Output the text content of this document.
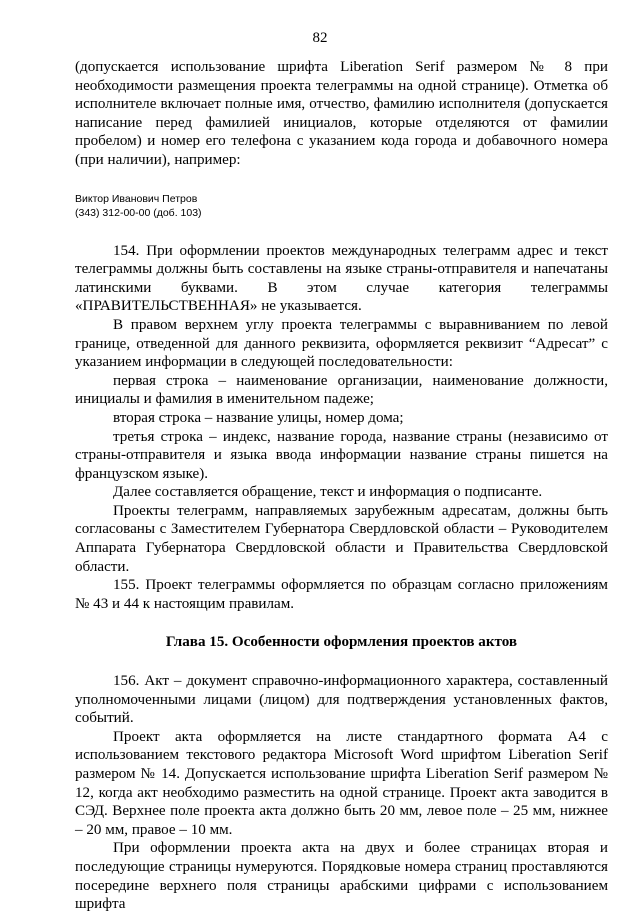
82

(допускается использование шрифта Liberation Serif размером № 8 при необходимости размещения проекта телеграммы на одной странице). Отметка об исполнителе включает полные имя, отчество, фамилию исполнителя (допускается написание перед фамилией инициалов, которые отделяются от фамилии пробелом) и номер его телефона с указанием кода города и добавочного номера (при наличии), например:

Виктор Иванович Петров
(343) 312-00-00 (доб. 103)

154. При оформлении проектов международных телеграмм адрес и текст телеграммы должны быть составлены на языке страны-отправителя и напечатаны латинскими буквами. В этом случае категория телеграммы «ПРАВИТЕЛЬСТВЕННАЯ» не указывается.

В правом верхнем углу проекта телеграммы с выравниванием по левой границе, отведенной для данного реквизита, оформляется реквизит “Адресат” с указанием информации в следующей последовательности:

первая строка – наименование организации, наименование должности, инициалы и фамилия в именительном падеже;

вторая строка – название улицы, номер дома;

третья строка – индекс, название города, название страны (независимо от страны-отправителя и языка ввода информации название страны пишется на французском языке).

Далее составляется обращение, текст и информация о подписанте.

Проекты телеграмм, направляемых зарубежным адресатам, должны быть согласованы с Заместителем Губернатора Свердловской области – Руководителем Аппарата Губернатора Свердловской области и Правительства Свердловской области.

155. Проект телеграммы оформляется по образцам согласно приложениям № 43 и 44 к настоящим правилам.

Глава 15. Особенности оформления проектов актов

156. Акт – документ справочно-информационного характера, составленный уполномоченными лицами (лицом) для подтверждения установленных фактов, событий.

Проект акта оформляется на листе стандартного формата А4 с использованием текстового редактора Microsoft Word шрифтом Liberation Serif размером № 14. Допускается использование шрифта Liberation Serif размером № 12, когда акт необходимо разместить на одной странице. Проект акта заводится в СЭД. Верхнее поле проекта акта должно быть 20 мм, левое поле – 25 мм, нижнее – 20 мм, правое – 10 мм.

При оформлении проекта акта на двух и более страницах вторая и последующие страницы нумеруются. Порядковые номера страниц проставляются посередине верхнего поля страницы арабскими цифрами с использованием шрифта
